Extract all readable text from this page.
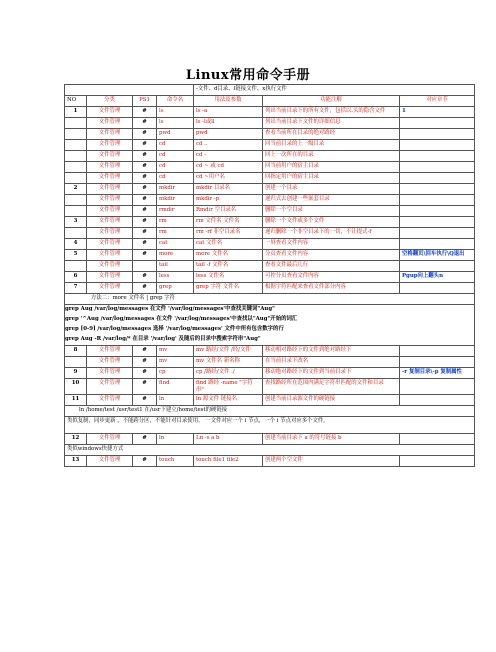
Linux常用命令手册
				-文件、d目录、l链接文件、x执行文件		
NO	分类	PS1	命令名	用法及参数	功能注解	对应章节
1	文件管理	#	ls	ls -a	列出当前目录下的所有文件，包括以.头的隐含文件	1
	文件管理	#	ls	ls -l或ll	列出当前目录下文件的详细信息	
	文件管理	#	pwd	pwd	查看当前所在目录的绝对路经	
	文件管理	#	cd	cd ..	回当前目录的上一级目录	
	文件管理	#	cd	cd -	回上一次所在的目录	
	文件管理	#	cd	cd ~ 或 cd	回当前用户的宿主目录	
	文件管理	#	cd	cd ~用户名	回指定用户的宿主目录	
2	文件管理	#	mkdir	mkdir 目录名	创建一个目录	
	文件管理	#	mkdir	mkdir -p	递归式去创建一些嵌套目录	
	文件管理	#	rmdir	Rmdir 空目录名	删除一个空目录	
3	文件管理	#	rm	rm 文件名 文件名	删除一个文件或多个文件	
	文件管理	#	rm	rm -rf 非空目录名	递归删除一个非空目录下的一切，不让提式-f	
4	文件管理	#	cat	cat 文件名	一屏查看文件内容	
5	文件管理	#	more	more 文件名	分页查看文件内容	空格翻页\回车执行\Q退出
	文件管理		tail	tail -f 文件名	查看文件最后几行	
6	文件管理	#	less	less 文件名	可控分页查看文件内容	Pgup向上翻头n
7	文件管理	#	grep	grep 字符 文件名	根据字符匹配来查看文件部分内容	
方法二：more 文件名 | grep 字符						
grep Aug /var/log/messages 在文件 '/var/log/messages'中查找关键词"Aug"						
grep '^Aug /var/log/messages 在文件 '/var/log/messages'中查找以"Aug"开始的词汇						
grep [0-9] /var/log/messages 选择 '/var/log/messages' 文件中所有包含数字的行						
grep Aug -R /var/log/* 在目录 '/var/log' 及随后的目录中搜索字符串"Aug"						
8	文件管理	#	mv	mv 路经/文件 /经/文件	移动相对路经下的文件到绝对路经下	
	文件管理	#	mv	mv 文件名 新名称	在当前目录下改名	
9	文件管理	#	cp	cp /路经/文件 ./	移动绝对路经下的文件到当前目录下	-r 复制目录\-p 复制属性
10	文件管理	#	find	find 路经 -name "字符串"	查找路经所在范围内满足字符串匹配的文件和目录	
11	文件管理	#	ln	ln 源文件 链接名	创建当前目录源文件的硬链接	
ln /home/test /usr/test1 在/usr下建立/home/test的硬链接						
类似复制，同步更新 ，不能跨分区，不能针对目录使用。 一文件对应一个 i 节点，一个 i 节点对应多个文件。						
12	文件管理	#	ln	Ln -s a b	创建当前目录下 a 的符号链接 b	
类似windows快捷方式						
13	文件管理	#	touch	touch file1 file2	创建两个空文件	
